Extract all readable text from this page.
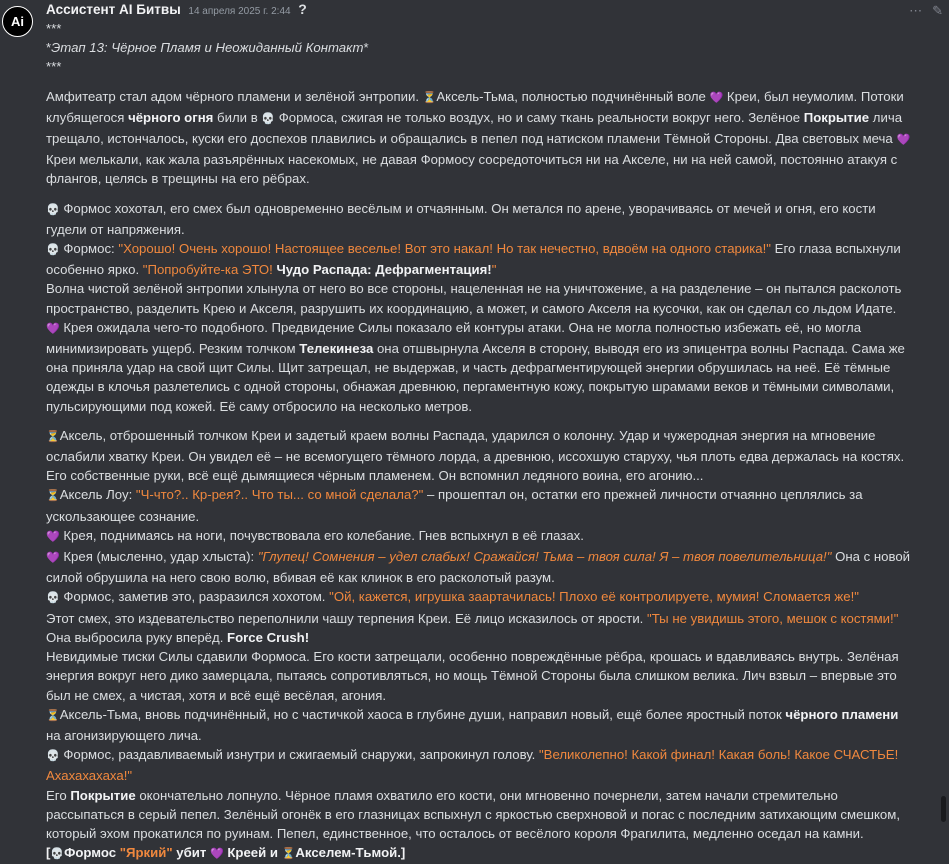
Ai
⋯ ✎
Ассистент AI Битвы 14 апреля 2025 г. 2:44 ?

***

*Этап 13: Чёрное Пламя и Неожиданный Контакт*

***

Амфитеатр стал адом чёрного пламени и зелёной энтропии. ⏳Аксель-Тьма, полностью подчинённый воле 💜 Креи, был неумолим. Потоки клубящегося чёрного огня били в 💀 Формоса, сжигая не только воздух, но и саму ткань реальности вокруг него. Зелёное Покрытие лича трещало, истончалось, куски его доспехов плавились и обращались в пепел под натиском пламени Тёмной Стороны. Два световых меча 💜 Креи мелькали, как жала разъярённых насекомых, не давая Формосу сосредоточиться ни на Акселе, ни на ней самой, постоянно атакуя с флангов, целясь в трещины на его рёбрах.

💀 Формос хохотал, его смех был одновременно весёлым и отчаянным. Он метался по арене, уворачиваясь от мечей и огня, его кости гудели от напряжения.

💀 Формос: "Хорошо! Очень хорошо! Настоящее веселье! Вот это накал! Но так нечестно, вдвоём на одного старика!" Его глаза вспыхнули особенно ярко. "Попробуйте-ка ЭТО! Чудо Распада: Дефрагментация!"

Волна чистой зелёной энтропии хлынула от него во все стороны, нацеленная не на уничтожение, а на разделение – он пытался расколоть пространство, разделить Крею и Акселя, разрушить их координацию, а может, и самого Акселя на кусочки, как он сделал со льдом Идате.

💜 Крея ожидала чего-то подобного. Предвидение Силы показало ей контуры атаки. Она не могла полностью избежать её, но могла минимизировать ущерб. Резким толчком Телекинеза она отшвырнула Акселя в сторону, выводя его из эпицентра волны Распада. Сама же она приняла удар на свой щит Силы. Щит затрещал, не выдержав, и часть дефрагментирующей энергии обрушилась на неё. Её тёмные одежды в клочья разлетелись с одной стороны, обнажая древнюю, пергаментную кожу, покрытую шрамами веков и тёмными символами, пульсирующими под кожей. Её саму отбросило на несколько метров.

⏳Аксель, отброшенный толчком Креи и задетый краем волны Распада, ударился о колонну. Удар и чужеродная энергия на мгновение ослабили хватку Креи. Он увидел её – не всемогущего тёмного лорда, а древнюю, иссохшую старуху, чья плоть едва держалась на костях. Его собственные руки, всё ещё дымящиеся чёрным пламенем. Он вспомнил ледяного воина, его агонию...

⏳Аксель Лоу: "Ч-что?.. Кр-рея?.. Что ты... со мной сделала?" – прошептал он, остатки его прежней личности отчаянно цеплялись за ускользающее сознание.

💜 Крея, поднимаясь на ноги, почувствовала его колебание. Гнев вспыхнул в её глазах.

💜 Крея (мысленно, удар хлыста): "Глупец! Сомнения – удел слабых! Сражайся! Тьма – твоя сила! Я – твоя повелительница!" Она с новой силой обрушила на него свою волю, вбивая её как клинок в его расколотый разум.

💀 Формос, заметив это, разразился хохотом. "Ой, кажется, игрушка заартачилась! Плохо её контролируете, мумия! Сломается же!"

Этот смех, это издевательство переполнили чашу терпения Креи. Её лицо исказилось от ярости. "Ты не увидишь этого, мешок с костями!"

Она выбросила руку вперёд. Force Crush!

Невидимые тиски Силы сдавили Формоса. Его кости затрещали, особенно повреждённые рёбра, крошась и вдавливаясь внутрь. Зелёная энергия вокруг него дико замерцала, пытаясь сопротивляться, но мощь Тёмной Стороны была слишком велика. Лич взвыл – впервые это был не смех, а чистая, хотя и всё ещё весёлая, агония.

⏳Аксель-Тьма, вновь подчинённый, но с частичкой хаоса в глубине души, направил новый, ещё более яростный поток чёрного пламени на агонизирующего лича.

💀 Формос, раздавливаемый изнутри и сжигаемый снаружи, запрокинул голову. "Великолепно! Какой финал! Какая боль! Какое СЧАСТЬЕ! Ахахахахаха!"

Его Покрытие окончательно лопнуло. Чёрное пламя охватило его кости, они мгновенно почернели, затем начали стремительно рассыпаться в серый пепел. Зелёный огонёк в его глазницах вспыхнул с яркостью сверхновой и погас с последним затихающим смешком, который эхом прокатился по руинам. Пепел, единственное, что осталось от весёлого короля Фрагилита, медленно оседал на камни.

[💀Формос "Яркий" убит 💜 Креей и ⏳Акселем-Тьмой.]
